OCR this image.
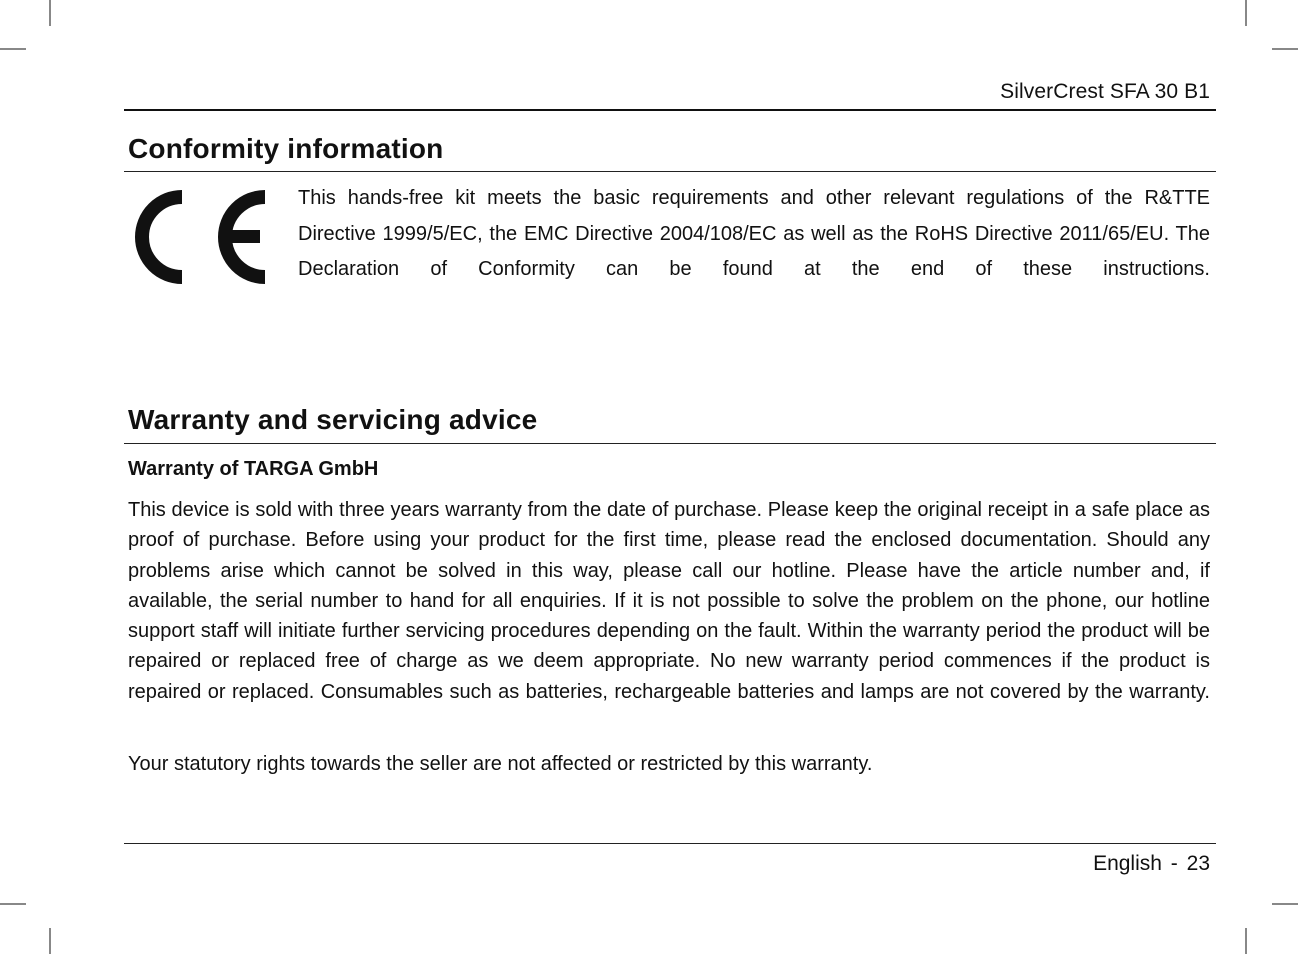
SilverCrest SFA 30 B1
Conformity information
This hands-free kit meets the basic requirements and other relevant regulations of the R&TTE Directive 1999/5/EC, the EMC Directive 2004/108/EC as well as the RoHS Directive 2011/65/EU. The Declaration of Conformity can be found at the end of these instructions.
Warranty and servicing advice
Warranty of TARGA GmbH
This device is sold with three years warranty from the date of purchase. Please keep the original receipt in a safe place as proof of purchase. Before using your product for the first time, please read the enclosed documentation. Should any problems arise which cannot be solved in this way, please call our hotline. Please have the article number and, if available, the serial number to hand for all enquiries. If it is not possible to solve the problem on the phone, our hotline support staff will initiate further servicing procedures depending on the fault. Within the warranty period the product will be repaired or replaced free of charge as we deem appropriate. No new warranty period commences if the product is repaired or replaced. Consumables such as batteries, rechargeable batteries and lamps are not covered by the warranty.
Your statutory rights towards the seller are not affected or restricted by this warranty.
English - 23
